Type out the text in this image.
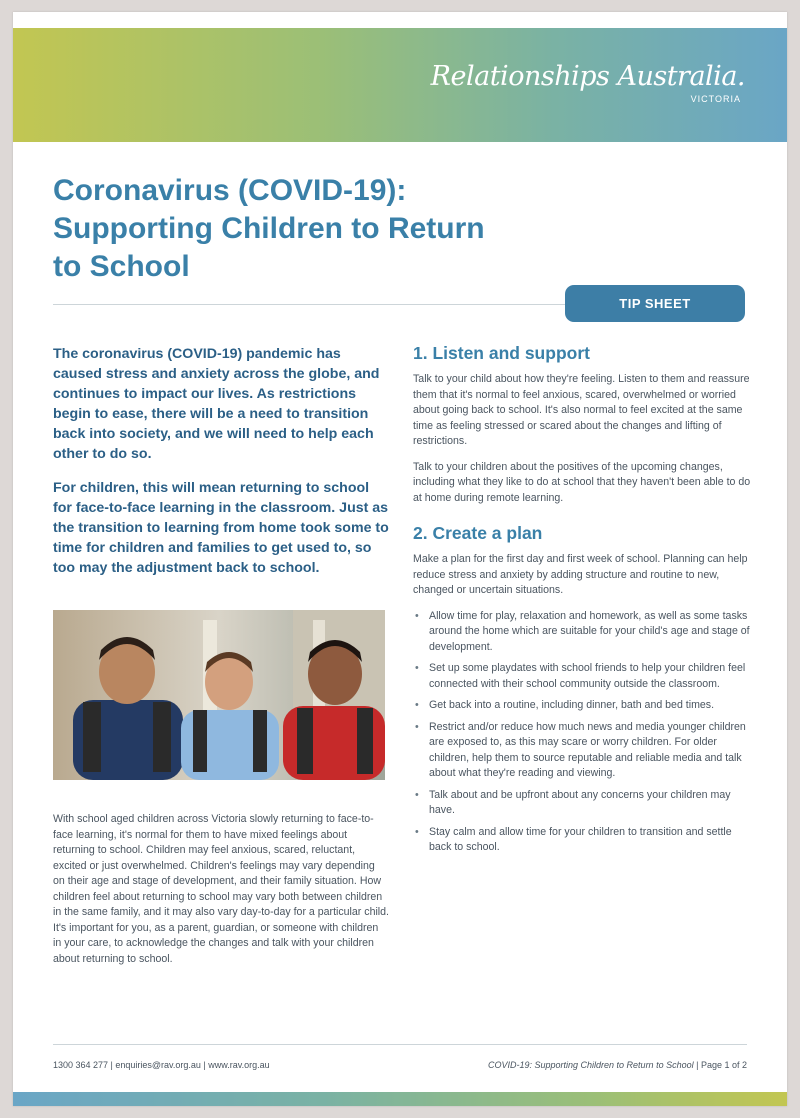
Relationships Australia.
VICTORIA
Coronavirus (COVID-19): Supporting Children to Return to School
TIP SHEET

The coronavirus (COVID-19) pandemic has caused stress and anxiety across the globe, and continues to impact our lives. As restrictions begin to ease, there will be a need to transition back into society, and we will need to help each other to do so.

For children, this will mean returning to school for face-to-face learning in the classroom. Just as the transition to learning from home took some to time for children and families to get used to, so too may the adjustment back to school.

With school aged children across Victoria slowly returning to face-to-face learning, it's normal for them to have mixed feelings about returning to school. Children may feel anxious, scared, reluctant, excited or just overwhelmed. Children's feelings may vary depending on their age and stage of development, and their family situation. How children feel about returning to school may vary both between children in the same family, and it may also vary day-to-day for a particular child. It's important for you, as a parent, guardian, or someone with children in your care, to acknowledge the changes and talk with your children about returning to school.

1. Listen and support

Talk to your child about how they're feeling. Listen to them and reassure them that it's normal to feel anxious, scared, overwhelmed or worried about going back to school. It's also normal to feel excited at the same time as feeling stressed or scared about the changes and lifting of restrictions.

Talk to your children about the positives of the upcoming changes, including what they like to do at school that they haven't been able to do at home during remote learning.

2. Create a plan

Make a plan for the first day and first week of school. Planning can help reduce stress and anxiety by adding structure and routine to new, changed or uncertain situations.

• Allow time for play, relaxation and homework, as well as some tasks around the home which are suitable for your child's age and stage of development.
• Set up some playdates with school friends to help your children feel connected with their school community outside the classroom.
• Get back into a routine, including dinner, bath and bed times.
• Restrict and/or reduce how much news and media younger children are exposed to, as this may scare or worry children. For older children, help them to source reputable and reliable media and talk about what they're reading and viewing.
• Talk about and be upfront about any concerns your children may have.
• Stay calm and allow time for your children to transition and settle back to school.
1300 364 277 | enquiries@rav.org.au | www.rav.org.au	COVID-19: Supporting Children to Return to School | Page 1 of 2
